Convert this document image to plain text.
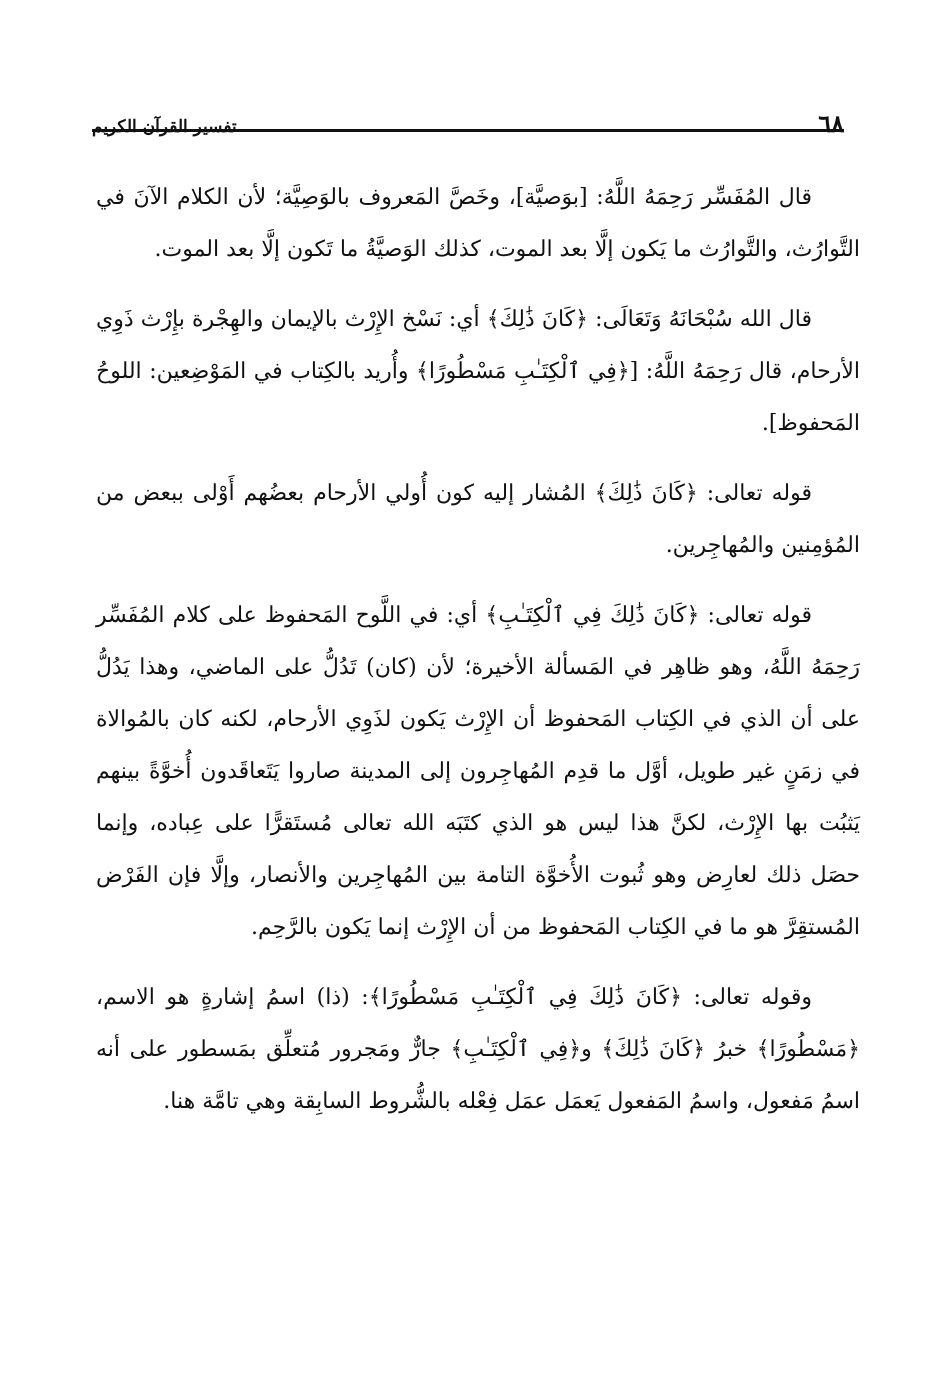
٦٨
تفسير القرآن الكريم

قال المُفَسِّر رَحِمَهُ اللَّهُ: [بوَصيَّة]، وخَصَّ المَعروف بالوَصِيَّة؛ لأن الكلام الآنَ في التَّوارُث، والتَّوارُث ما يَكون إلَّا بعد الموت، كذلك الوَصيَّةُ ما تَكون إلَّا بعد الموت.

قال الله سُبْحَانَهُ وَتَعَالَى: ﴿كَانَ ذَٰلِكَ﴾ أي: نَسْخ الإِرْث بالإيمان والهِجْرة بإِرْث ذَوِي الأرحام، قال رَحِمَهُ اللَّهُ: [﴿فِي ٱلْكِتَـٰبِ مَسْطُورًا﴾ وأُريد بالكِتاب في المَوْضِعين: اللوحُ المَحفوظ].

قوله تعالى: ﴿كَانَ ذَٰلِكَ﴾ المُشار إليه كون أُولي الأرحام بعضُهم أَوْلى ببعض من المُؤمِنين والمُهاجِرين.

قوله تعالى: ﴿كَانَ ذَٰلِكَ فِي ٱلْكِتَـٰبِ﴾ أي: في اللَّوح المَحفوظ على كلام المُفَسِّر رَحِمَهُ اللَّهُ، وهو ظاهِر في المَسألة الأخيرة؛ لأن (كان) تَدُلُّ على الماضي، وهذا يَدُلُّ على أن الذي في الكِتاب المَحفوظ أن الإِرْث يَكون لذَوِي الأرحام، لكنه كان بالمُوالاة في زمَنٍ غير طويل، أوَّل ما قدِم المُهاجِرون إلى المدينة صاروا يَتَعاقَدون أُخوَّةً بينهم يَثبُت بها الإِرْث، لكنَّ هذا ليس هو الذي كتَبَه الله تعالى مُستَقرًّا على عِباده، وإنما حصَل ذلك لعارِض وهو ثُبوت الأُخوَّة التامة بين المُهاجِرين والأنصار، وإلَّا فإن الفَرْض المُستقِرَّ هو ما في الكِتاب المَحفوظ من أن الإِرْث إنما يَكون بالرَّحِم.

وقوله تعالى: ﴿كَانَ ذَٰلِكَ فِي ٱلْكِتَـٰبِ مَسْطُورًا﴾: (ذا) اسمُ إشارةٍ هو الاسم، ﴿مَسْطُورًا﴾ خبرُ ﴿كَانَ ذَٰلِكَ﴾ و﴿فِي ٱلْكِتَـٰبِ﴾ جارٌّ ومَجرور مُتعلِّق بمَسطور على أنه اسمُ مَفعول، واسمُ المَفعول يَعمَل عمَل فِعْله بالشُّروط السابِقة وهي تامَّة هنا.
